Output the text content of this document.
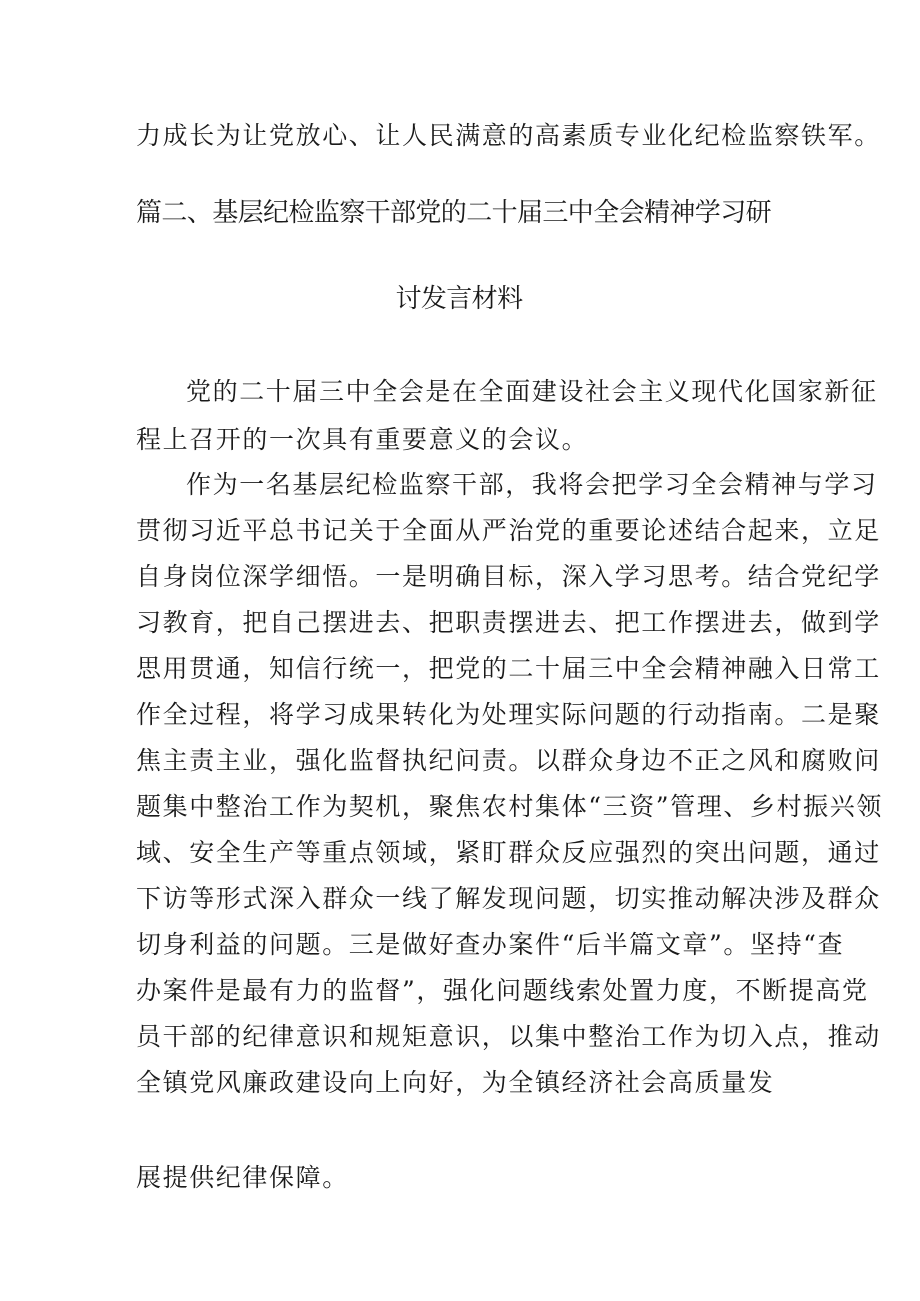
力成长为让党放心、让人民满意的高素质专业化纪检监察铁军。
篇二、基层纪检监察干部党的二十届三中全会精神学习研
讨发言材料
党的二十届三中全会是在全面建设社会主义现代化国家新征
程上召开的一次具有重要意义的会议。
作为一名基层纪检监察干部，我将会把学习全会精神与学习
贯彻习近平总书记关于全面从严治党的重要论述结合起来，立足
自身岗位深学细悟。一是明确目标，深入学习思考。结合党纪学
习教育，把自己摆进去、把职责摆进去、把工作摆进去，做到学
思用贯通，知信行统一，把党的二十届三中全会精神融入日常工
作全过程，将学习成果转化为处理实际问题的行动指南。二是聚
焦主责主业，强化监督执纪问责。以群众身边不正之风和腐败问
题集中整治工作为契机，聚焦农村集体“三资”管理、乡村振兴领
域、安全生产等重点领域，紧盯群众反应强烈的突出问题，通过
下访等形式深入群众一线了解发现问题，切实推动解决涉及群众
切身利益的问题。三是做好查办案件“后半篇文章”。坚持“查
办案件是最有力的监督”，强化问题线索处置力度，不断提高党
员干部的纪律意识和规矩意识，以集中整治工作为切入点，推动
全镇党风廉政建设向上向好，为全镇经济社会高质量发
展提供纪律保障。
